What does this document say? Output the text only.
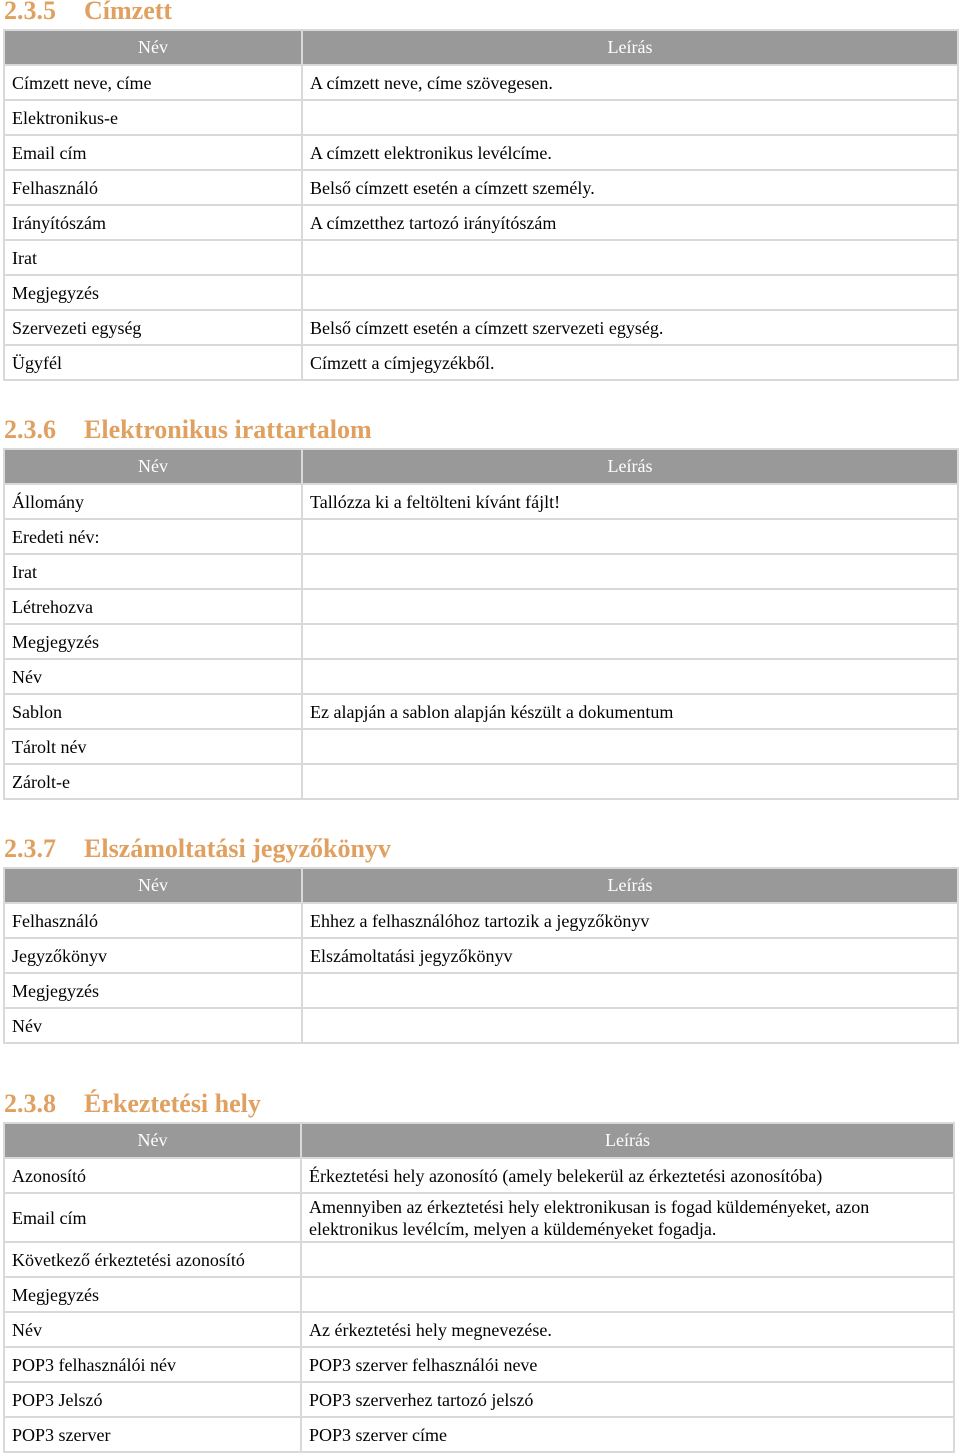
2.3.5 Címzett
Név	Leírás
Címzett neve, címe	A címzett neve, címe szövegesen.
Elektronikus-e	
Email cím	A címzett elektronikus levélcíme.
Felhasználó	Belső címzett esetén a címzett személy.
Irányítószám	A címzetthez tartozó irányítószám
Irat	
Megjegyzés	
Szervezeti egység	Belső címzett esetén a címzett szervezeti egység.
Ügyfél	Címzett a címjegyzékből.
2.3.6 Elektronikus irattartalom
Név	Leírás
Állomány	Tallózza ki a feltölteni kívánt fájlt!
Eredeti név:	
Irat	
Létrehozva	
Megjegyzés	
Név	
Sablon	Ez alapján a sablon alapján készült a dokumentum
Tárolt név	
Zárolt-e	
2.3.7 Elszámoltatási jegyzőkönyv
Név	Leírás
Felhasználó	Ehhez a felhasználóhoz tartozik a jegyzőkönyv
Jegyzőkönyv	Elszámoltatási jegyzőkönyv
Megjegyzés	
Név	
2.3.8 Érkeztetési hely
Név	Leírás
Azonosító	Érkeztetési hely azonosító (amely belekerül az érkeztetési azonosítóba)
Email cím	Amennyiben az érkeztetési hely elektronikusan is fogad küldeményeket, azon elektronikus levélcím, melyen a küldeményeket fogadja.
Következő érkeztetési azonosító	
Megjegyzés	
Név	Az érkeztetési hely megnevezése.
POP3 felhasználói név	POP3 szerver felhasználói neve
POP3 Jelszó	POP3 szerverhez tartozó jelszó
POP3 szerver	POP3 szerver címe
